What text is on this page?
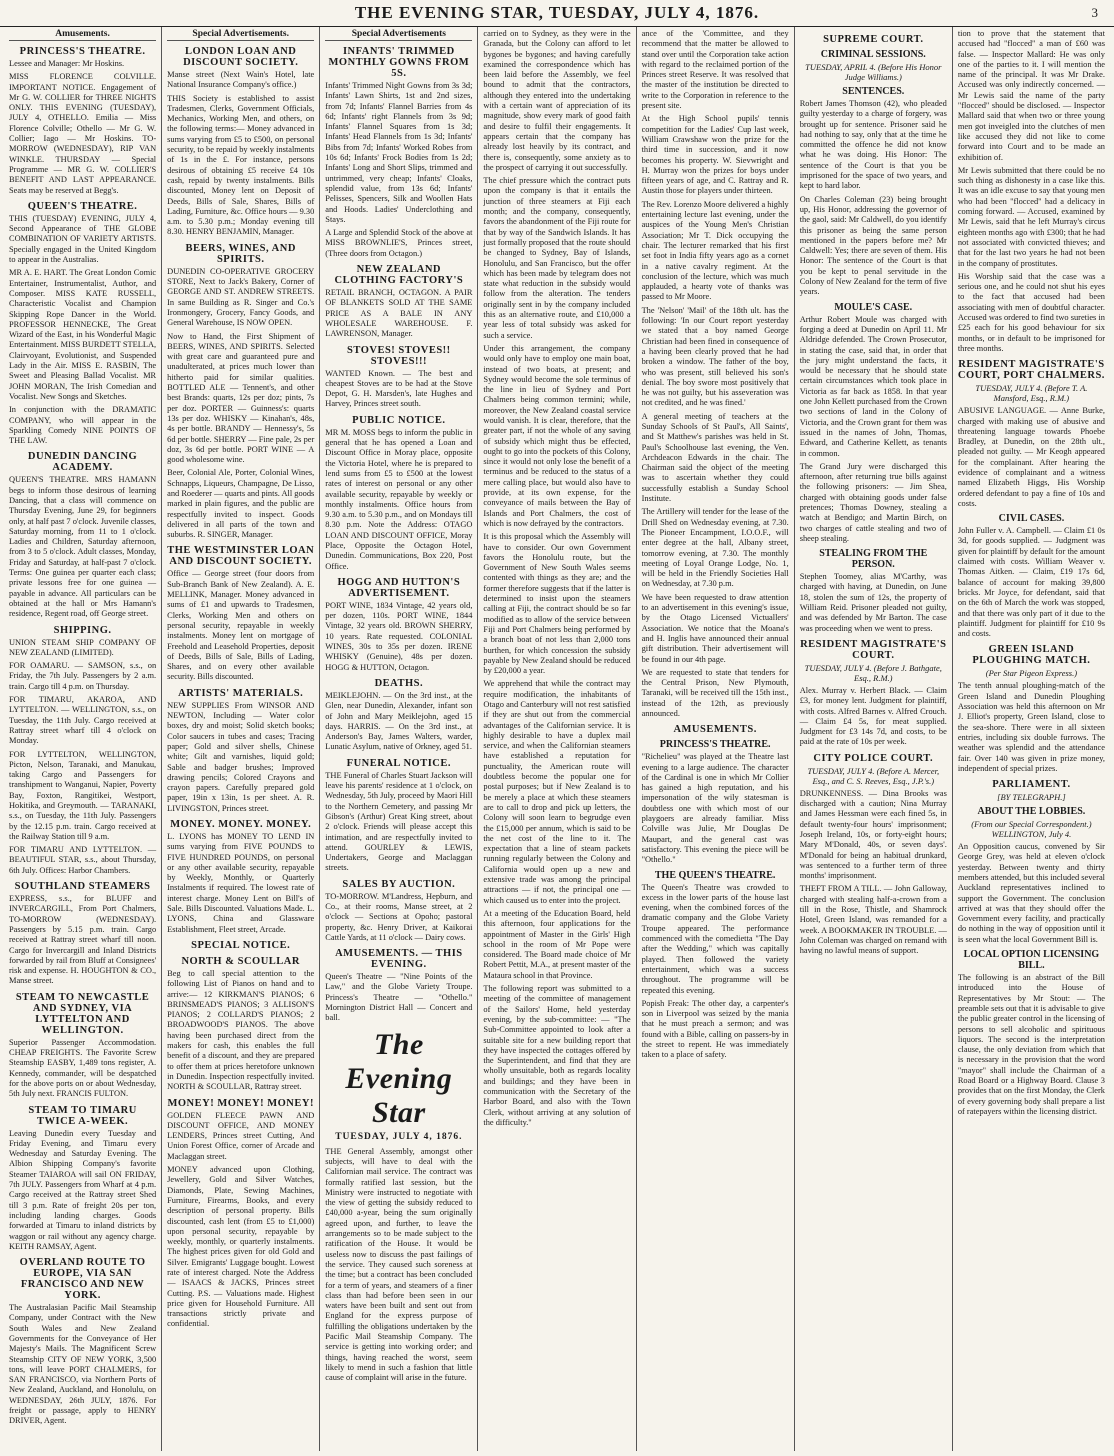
THE EVENING STAR, TUESDAY, JULY 4, 1876.	3
Amusements.
PRINCESS'S THEATRE.

Lessee and Manager: Mr Hoskins.

MISS FLORENCE COLVILLE. IMPORTANT NOTICE. Engagement of Mr G. W. COLLIER for THREE NIGHTS ONLY. THIS EVENING (TUESDAY), JULY 4, OTHELLO. Emilia — Miss Florence Colville; Othello — Mr G. W. Collier; Iago — Mr Hoskins. TO-MORROW (WEDNESDAY), RIP VAN WINKLE. THURSDAY — Special Programme — MR G. W. COLLIER'S BENEFIT AND LAST APPEARANCE. Seats may be reserved at Begg's.

QUEEN'S THEATRE.

THIS (TUESDAY) EVENING, JULY 4, Second Appearance of THE GLOBE COMBINATION OF VARIETY ARTISTS. Specially engaged in the United Kingdom to appear in the Australias.

MR A. E. HART. The Great London Comic Entertainer, Instrumentalist, Author, and Composer. MISS KATE RUSSELL, Characteristic Vocalist and Champion Skipping Rope Dancer in the World. PROFESSOR HENNECKE, The Great Wizard of the East, in his Wonderful Magic Entertainment. MISS BURDETT STELLA, Clairvoyant, Evolutionist, and Suspended Lady in the Air. MISS E. RASBIN, The Sweet and Pleasing Ballad Vocalist. MR JOHN MORAN, The Irish Comedian and Vocalist. New Songs and Sketches.

In conjunction with the DRAMATIC COMPANY, who will appear in the Sparkling Comedy NINE POINTS OF THE LAW.

DUNEDIN DANCING ACADEMY.

QUEEN'S THEATRE. MRS HAMANN begs to inform those desirous of learning Dancing, that a class will commence on Thursday Evening, June 29, for beginners only, at half past 7 o'clock. Juvenile classes, Saturday morning, from 11 to 1 o'clock. Ladies and Children, Saturday afternoon, from 3 to 5 o'clock. Adult classes, Monday, Friday and Saturday, at half-past 7 o'clock. Terms: One guinea per quarter each class; private lessons free for one guinea — payable in advance. All particulars can be obtained at the hall or Mrs Hamann's residence, Regent road, off George street.

SHIPPING.

UNION STEAM SHIP COMPANY OF NEW ZEALAND (LIMITED).

FOR OAMARU. — SAMSON, s.s., on Friday, the 7th July. Passengers by 2 a.m. train. Cargo till 4 p.m. on Thursday.

FOR TIMARU, AKAROA, AND LYTTELTON. — WELLINGTON, s.s., on Tuesday, the 11th July. Cargo received at Rattray street wharf till 4 o'clock on Monday.

FOR LYTTELTON, WELLINGTON, Picton, Nelson, Taranaki, and Manukau, taking Cargo and Passengers for transhipment to Wanganui, Napier, Poverty Bay, Foxton, Rangitikei, Westport, Hokitika, and Greymouth. — TARANAKI, s.s., on Tuesday, the 11th July. Passengers by the 12.15 p.m. train. Cargo received at the Railway Station till 9 a.m.

FOR TIMARU AND LYTTELTON. — BEAUTIFUL STAR, s.s., about Thursday, 6th July. Offices: Harbor Chambers.

SOUTHLAND STEAMERS

EXPRESS, s.s., for BLUFF and INVERCARGILL, From Port Chalmers, TO-MORROW (WEDNESDAY). Passengers by 5.15 p.m. train. Cargo received at Rattray street wharf till noon. Cargo for Invercargill and Inland Districts forwarded by rail from Bluff at Consignees' risk and expense. H. HOUGHTON & CO., Manse street.

STEAM TO NEWCASTLE AND SYDNEY, VIA LYTTELTON AND WELLINGTON.

Superior Passenger Accommodation. CHEAP FREIGHTS. The Favorite Screw Steamship EASBY, 1,489 tons register, A. Kennedy, commander, will be despatched for the above ports on or about Wednesday, 5th July next. FRANCIS FULTON.

STEAM TO TIMARU TWICE A-WEEK.

Leaving Dunedin every Tuesday and Friday Evening, and Timaru every Wednesday and Saturday Evening. The Albion Shipping Company's favorite Steamer TAIAROA will sail ON FRIDAY, 7th JULY. Passengers from Wharf at 4 p.m. Cargo received at the Rattray street Shed till 3 p.m. Rate of freight 20s per ton, including landing charges. Goods forwarded at Timaru to inland districts by waggon or rail without any agency charge. KEITH RAMSAY, Agent.

OVERLAND ROUTE TO EUROPE, VIA SAN FRANCISCO AND NEW YORK.

The Australasian Pacific Mail Steamship Company, under Contract with the New South Wales and New Zealand Governments for the Conveyance of Her Majesty's Mails. The Magnificent Screw Steamship CITY OF NEW YORK, 3,500 tons, will leave PORT CHALMERS, for SAN FRANCISCO, via Northern Ports of New Zealand, Auckland, and Honolulu, on WEDNESDAY, 26th JULY, 1876. For freight or passage, apply to HENRY DRIVER, Agent.

Special Advertisements.
LONDON LOAN AND DISCOUNT SOCIETY.

Manse street (Next Wain's Hotel, late National Insurance Company's office.)

THIS Society is established to assist Tradesmen, Clerks, Government Officials, Mechanics, Working Men, and others, on the following terms:— Money advanced in sums varying from £5 to £500, on personal security, to be repaid by weekly instalments of 1s in the £. For instance, persons desirous of obtaining £5 receive £4 10s cash, repaid by twenty instalments. Bills discounted, Money lent on Deposit of Deeds, Bills of Sale, Shares, Bills of Lading, Furniture, &c. Office hours — 9.30 a.m. to 5.30 p.m.; Monday evening till 8.30. HENRY BENJAMIN, Manager.

BEERS, WINES, AND SPIRITS.

DUNEDIN CO-OPERATIVE GROCERY STORE, Next to Jack's Bakery, Corner of GEORGE AND ST. ANDREW STREETS. In same Building as R. Singer and Co.'s Ironmongery, Grocery, Fancy Goods, and General Warehouse, IS NOW OPEN.

Now to Hand, the First Shipment of BEERS, WINES, AND SPIRITS. Selected with great care and guaranteed pure and unadulterated, at prices much lower than hitherto paid for similar qualities. BOTTLED ALE — Tennent's, and other best Brands: quarts, 12s per doz; pints, 7s per doz. PORTER — Guinness's: quarts 13s per doz. WHISKY — Kinahan's, 48s, 4s per bottle. BRANDY — Hennessy's, 5s 6d per bottle. SHERRY — Fine pale, 2s per doz, 3s 6d per bottle. PORT WINE — A good wholesome wine.

Beer, Colonial Ale, Porter, Colonial Wines, Schnapps, Liqueurs, Champagne, De Lisso, and Roederer — quarts and pints. All goods marked in plain figures, and the public are respectfully invited to inspect. Goods delivered in all parts of the town and suburbs. R. SINGER, Manager.

THE WESTMINSTER LOAN AND DISCOUNT SOCIETY.

Office — George street (four doors from Sub-Branch Bank of New Zealand). A. E. MELLINK, Manager. Money advanced in sums of £1 and upwards to Tradesmen, Clerks, Working Men and others on personal security, repayable in weekly instalments. Money lent on mortgage of Freehold and Leasehold Properties, deposit of Deeds, Bills of Sale, Bills of Lading, Shares, and on every other available security. Bills discounted.

ARTISTS' MATERIALS.

NEW SUPPLIES From WINSOR AND NEWTON, Including — Water color boxes, dry and moist; Solid sketch books; Color saucers in tubes and cases; Tracing paper; Gold and silver shells, Chinese white; Gilt and varnishes, liquid gold; Sable and badger brushes; Improved drawing pencils; Colored Crayons and crayon papers. Carefully prepared gold paper, 19in x 13in, 1s per sheet. A. R. LIVINGSTON, Princes street.

MONEY. MONEY. MONEY.

L. LYONS has MONEY TO LEND IN sums varying from FIVE POUNDS to FIVE HUNDRED POUNDS, on personal or any other available security, repayable by Weekly, Monthly, or Quarterly Instalments if required. The lowest rate of interest charge. Money Lent on Bill's of Sale. Bills Discounted. Valuations Made. L. LYONS, China and Glassware Establishment, Fleet street, Arcade.

SPECIAL NOTICE.
NORTH & SCOULLAR

Beg to call special attention to the following List of Pianos on hand and to arrive:— 12 KIRKMAN'S PIANOS; 6 BRINSMEAD'S PIANOS; 3 ALLISON'S PIANOS; 2 COLLARD'S PIANOS; 2 BROADWOOD'S PIANOS. The above having been purchased direct from the makers for cash, this enables the full benefit of a discount, and they are prepared to offer them at prices heretofore unknown in Dunedin. Inspection respectfully invited. NORTH & SCOULLAR, Rattray street.

MONEY! MONEY! MONEY!

GOLDEN FLEECE PAWN AND DISCOUNT OFFICE, AND MONEY LENDERS, Princes street Cutting, And Union Forest Office, corner of Arcade and Maclaggan street.

MONEY advanced upon Clothing, Jewellery, Gold and Silver Watches, Diamonds, Plate, Sewing Machines, Furniture, Firearms, Books, and every description of personal property. Bills discounted, cash lent (from £5 to £1,000) upon personal security, repayable by weekly, monthly, or quarterly instalments. The highest prices given for old Gold and Silver. Emigrants' Luggage bought. Lowest rate of interest charged. Note the Address — ISAACS & JACKS, Princes street Cutting. P.S. — Valuations made. Highest price given for Household Furniture. All transactions strictly private and confidential.

Special Advertisements
INFANTS' TRIMMED MONTHLY GOWNS FROM 5S.

Infants' Trimmed Night Gowns from 3s 3d; Infants' Lawn Shirts, 1st and 2nd sizes, from 7d; Infants' Flannel Barries from 4s 6d; Infants' right Flannels from 3s 9d; Infants' Flannel Squares from 1s 3d; Infants' Head Flannels from 1s 3d; Infants' Bibs from 7d; Infants' Worked Robes from 10s 6d; Infants' Frock Bodies from 1s 2d; Infants' Long and Short Slips, trimmed and untrimmed, very cheap; Infants' Cloaks, splendid value, from 13s 6d; Infants' Pelisses, Spencers, Silk and Woollen Hats and Hoods. Ladies' Underclothing and Stays.

A Large and Splendid Stock of the above at MISS BROWNLIE'S, Princes street, (Three doors from Octagon.)

NEW ZEALAND CLOTHING FACTORY'S

RETAIL BRANCH, OCTAGON. A PAIR OF BLANKETS SOLD AT THE SAME PRICE AS A BALE IN ANY WHOLESALE WAREHOUSE. F. LAWRENSON, Manager.

STOVES! STOVES!! STOVES!!!

WANTED Known. — The best and cheapest Stoves are to be had at the Stove Depot, G. H. Marsden's, late Hughes and Harvey, Princes street south.

PUBLIC NOTICE.

MR M. MOSS begs to inform the public in general that he has opened a Loan and Discount Office in Moray place, opposite the Victoria Hotel, where he is prepared to lend sums from £5 to £500 at the lowest rates of interest on personal or any other available security, repayable by weekly or monthly instalments. Office hours from 9.30 a.m. to 5.30 p.m., and on Mondays till 8.30 p.m. Note the Address: OTAGO LOAN AND DISCOUNT OFFICE, Moray Place, Opposite the Octagon Hotel, Dunedin. Communications, Box 220, Post Office.

HOGG AND HUTTON'S ADVERTISEMENT.

PORT WINE, 1834 Vintage, 42 years old, per dozen, 110s. PORT WINE, 1844 Vintage, 32 years old. BROWN SHERRY, 10 years. Rate requested. COLONIAL WINES, 30s to 35s per dozen. IRENE WHISKY (Genuine), 48s per dozen. HOGG & HUTTON, Octagon.

DEATHS.

MEIKLEJOHN. — On the 3rd inst., at the Glen, near Dunedin, Alexander, infant son of John and Mary Meiklejohn, aged 15 days. HARRIS. — On the 3rd inst., at Anderson's Bay, James Walters, warder, Lunatic Asylum, native of Orkney, aged 51.

FUNERAL NOTICE.

THE Funeral of Charles Stuart Jackson will leave his parents' residence at 1 o'clock, on Wednesday, 5th July, proceed by Maori Hill to the Northern Cemetery, and passing Mr Gibson's (Arthur) Great King street, about 2 o'clock. Friends will please accept this intimation, and are respectfully invited to attend. GOURLEY & LEWIS, Undertakers, George and Maclaggan streets.

SALES BY AUCTION.

TO-MORROW. M'Landress, Hepburn, and Co., at their rooms, Manse street, at 2 o'clock — Sections at Opoho; pastoral property, &c. Henry Driver, at Kaikorai Cattle Yards, at 11 o'clock — Dairy cows.

AMUSEMENTS. — THIS EVENING.

Queen's Theatre — "Nine Points of the Law," and the Globe Variety Troupe. Princess's Theatre — "Othello." Mornington District Hall — Concert and ball.

The Evening Star
TUESDAY, JULY 4, 1876.

THE General Assembly, amongst other subjects, will have to deal with the Californian mail service. The contract was formally ratified last session, but the Ministry were instructed to negotiate with the view of getting the subsidy reduced to £40,000 a-year, being the sum originally agreed upon, and further, to leave the arrangements so to be made subject to the ratification of the House. It would be useless now to discuss the past failings of the service. They caused such soreness at the time; but a contract has been concluded for a term of years, and steamers of a finer class than had before been seen in our waters have been built and sent out from England for the express purpose of fulfilling the obligations undertaken by the Pacific Mail Steamship Company. The service is getting into working order; and things, having reached the worst, seem likely to mend in such a fashion that little cause of complaint will arise in the future.

carried on to Sydney, as they were in the Granada, but the Colony can afford to let bygones be bygones; and having carefully examined the correspondence which has been laid before the Assembly, we feel bound to admit that the contractors, although they entered into the undertaking with a certain want of appreciation of its magnitude, show every mark of good faith and desire to fulfil their engagements. It appears certain that the company has already lost heavily by its contract, and there is, consequently, some anxiety as to the prospect of carrying it out successfully.

The chief pressure which the contract puts upon the company is that it entails the junction of three steamers at Fiji each month; and the company, consequently, favors the abandonment of the Fiji route for that by way of the Sandwich Islands. It has just formally proposed that the route should be changed to Sydney, Bay of Islands, Honolulu, and San Francisco, but the offer which has been made by telegram does not state what reduction in the subsidy would follow from the alteration. The tenders originally sent in by the company included this as an alternative route, and £10,000 a year less of total subsidy was asked for such a service.

Under this arrangement, the company would only have to employ one main boat, instead of two boats, at present; and Sydney would become the sole terminus of the line in lieu of Sydney and Port Chalmers being common termini; while, moreover, the New Zealand coastal service would vanish. It is clear, therefore, that the greater part, if not the whole of any saving of subsidy which might thus be effected, ought to go into the pockets of this Colony, since it would not only lose the benefit of a terminus and be reduced to the status of a mere calling place, but would also have to provide, at its own expense, for the conveyance of mails between the Bay of Islands and Port Chalmers, the cost of which is now defrayed by the contractors.

It is this proposal which the Assembly will have to consider. Our own Government favors the Honolulu route, but the Government of New South Wales seems contented with things as they are; and the former therefore suggests that if the latter is determined to insist upon the steamers calling at Fiji, the contract should be so far modified as to allow of the service between Fiji and Port Chalmers being performed by a branch boat of not less than 2,000 tons burthen, for which concession the subsidy payable by New Zealand should be reduced by £20,000 a year.

We apprehend that while the contract may require modification, the inhabitants of Otago and Canterbury will not rest satisfied if they are shut out from the commercial advantages of the Californian service. It is highly desirable to have a duplex mail service, and when the Californian steamers have established a reputation for punctuality, the American route will doubtless become the popular one for postal purposes; but if New Zealand is to be merely a place at which these steamers are to call to drop and pick up letters, the Colony will soon learn to begrudge even the £15,000 per annum, which is said to be the net cost of the line to it. The expectation that a line of steam packets running regularly between the Colony and California would open up a new and extensive trade was among the principal attractions — if not, the principal one — which caused us to enter into the project.

At a meeting of the Education Board, held this afternoon, four applications for the appointment of Master in the Girls' High school in the room of Mr Pope were considered. The Board made choice of Mr Robert Pettit, M.A., at present master of the Mataura school in that Province.

The following report was submitted to a meeting of the committee of management of the Sailors' Home, held yesterday evening, by the sub-committee: — "The Sub-Committee appointed to look after a suitable site for a new building report that they have inspected the cottages offered by the Superintendent, and find that they are wholly unsuitable, both as regards locality and buildings; and they have been in communication with the Secretary of the Harbor Board, and also with the Town Clerk, without arriving at any solution of the difficulty."

ance of the 'Committee, and they recommend that the matter be allowed to stand over until the Corporation take action with regard to the reclaimed portion of the Princes street Reserve. It was resolved that the master of the institution be directed to write to the Corporation in reference to the present site.

At the High School pupils' tennis competition for the Ladies' Cup last week, William Crawshaw won the prize for the third time in succession, and it now becomes his property. W. Sievwright and H. Murray won the prizes for boys under fifteen years of age, and C. Rattray and R. Austin those for players under thirteen.

The Rev. Lorenzo Moore delivered a highly entertaining lecture last evening, under the auspices of the Young Men's Christian Association; Mr T. Dick occupying the chair. The lecturer remarked that his first set foot in India fifty years ago as a cornet in a native cavalry regiment. At the conclusion of the lecture, which was much applauded, a hearty vote of thanks was passed to Mr Moore.

The 'Nelson' 'Mail' of the 18th ult. has the following: 'In our Court report yesterday we stated that a boy named George Christian had been fined in consequence of a having been clearly proved that he had broken a window. The father of the boy, who was present, still believed his son's denial. The boy swore most positively that he was not guilty, but his asseveration was not credited, and he was fined.'

A general meeting of teachers at the Sunday Schools of St Paul's, All Saints', and St Matthew's parishes was held in St. Paul's Schoolhouse last evening, the Ven. Archdeacon Edwards in the chair. The Chairman said the object of the meeting was to ascertain whether they could successfully establish a Sunday School Institute.

The Artillery will tender for the lease of the Drill Shed on Wednesday evening, at 7.30. The Pioneer Encampment, I.O.O.F., will enter degree at the hall, Albany street, tomorrow evening, at 7.30. The monthly meeting of Loyal Orange Lodge, No. 1, will be held in the Friendly Societies Hall on Wednesday, at 7.30 p.m.

We have been requested to draw attention to an advertisement in this evening's issue, by the Otago Licensed Victuallers' Association. We notice that the Moana's and H. Inglis have announced their annual gift distribution. Their advertisement will be found in our 4th page.

We are requested to state that tenders for the Central Prison, New Plymouth, Taranaki, will be received till the 15th inst., instead of the 12th, as previously announced.

AMUSEMENTS.
PRINCESS'S THEATRE.

"Richelieu" was played at the Theatre last evening to a large audience. The character of the Cardinal is one in which Mr Collier has gained a high reputation, and his impersonation of the wily statesman is doubtless one with which most of our playgoers are already familiar. Miss Colville was Julie, Mr Douglas De Maupart, and the general cast was satisfactory. This evening the piece will be "Othello."

THE QUEEN'S THEATRE.

The Queen's Theatre was crowded to excess in the lower parts of the house last evening, when the combined forces of the dramatic company and the Globe Variety Troupe appeared. The performance commenced with the comedietta "The Day after the Wedding," which was capitally played. Then followed the variety entertainment, which was a success throughout. The programme will be repeated this evening.

Popish Freak: The other day, a carpenter's son in Liverpool was seized by the mania that he must preach a sermon; and was found with a Bible, calling on passers-by in the street to repent. He was immediately taken to a place of safety.

SUPREME COURT.
CRIMINAL SESSIONS.
TUESDAY, APRIL 4. (Before His Honor Judge Williams.)
SENTENCES.

Robert James Thomson (42), who pleaded guilty yesterday to a charge of forgery, was brought up for sentence. Prisoner said he had nothing to say, only that at the time he committed the offence he did not know what he was doing. His Honor: The sentence of the Court is that you be imprisoned for the space of two years, and kept to hard labor.

On Charles Coleman (23) being brought up, His Honor, addressing the governor of the gaol, said: Mr Caldwell, do you identify this prisoner as being the same person mentioned in the papers before me? Mr Caldwell: Yes; there are seven of them. His Honor: The sentence of the Court is that you be kept to penal servitude in the Colony of New Zealand for the term of five years.

MOULE'S CASE.

Arthur Robert Moule was charged with forging a deed at Dunedin on April 11. Mr Aldridge defended. The Crown Prosecutor, in stating the case, said that, in order that the jury might understand the facts, it would be necessary that he should state certain circumstances which took place in Victoria as far back as 1858. In that year one John Kellett purchased from the Crown two sections of land in the Colony of Victoria, and the Crown grant for them was issued in the names of John, Thomas, Edward, and Catherine Kellett, as tenants in common.

The Grand Jury were discharged this afternoon, after returning true bills against the following prisoners: — Jim Shea, charged with obtaining goods under false pretences; Thomas Downey, stealing a watch at Bendigo; and Martin Birch, on two charges of cattle stealing and two of sheep stealing.

STEALING FROM THE PERSON.

Stephen Toomey, alias M'Carthy, was charged with having, at Dunedin, on June 18, stolen the sum of 12s, the property of William Reid. Prisoner pleaded not guilty, and was defended by Mr Barton. The case was proceeding when we went to press.

RESIDENT MAGISTRATE'S COURT.
TUESDAY, JULY 4. (Before J. Bathgate, Esq., R.M.)

Alex. Murray v. Herbert Black. — Claim £3, for money lent. Judgment for plaintiff, with costs. Alfred Barnes v. Alfred Crouch. — Claim £4 5s, for meat supplied. Judgment for £3 14s 7d, and costs, to be paid at the rate of 10s per week.

CITY POLICE COURT.
TUESDAY, JULY 4. (Before A. Mercer, Esq., and C. S. Reeves, Esq., J.P.'s.)

DRUNKENNESS. — Dina Brooks was discharged with a caution; Nina Murray and James Hessman were each fined 5s, in default twenty-four hours' imprisonment; Joseph Ireland, 10s, or forty-eight hours; Mary M'Donald, 40s, or seven days'. M'Donald for being an habitual drunkard, was sentenced to a further term of three months' imprisonment.

THEFT FROM A TILL. — John Galloway, charged with stealing half-a-crown from a till in the Rose, Thistle, and Shamrock Hotel, Green Island, was remanded for a week. A BOOKMAKER IN TROUBLE. — John Coleman was charged on remand with having no lawful means of support.

tion to prove that the statement that accused had "flocced" a man of £60 was false. — Inspector Mallard: He was only one of the parties to it. I will mention the name of the principal. It was Mr Drake. Accused was only indirectly concerned. — Mr Lewis said the name of the party "flocced" should be disclosed. — Inspector Mallard said that when two or three young men got inveigled into the clutches of men like accused they did not like to come forward into Court and to be made an exhibition of.

Mr Lewis submitted that there could be no such thing as dishonesty in a case like this. It was an idle excuse to say that young men who had been "flocced" had a delicacy in coming forward. — Accused, examined by Mr Lewis, said that he left Murray's circus eighteen months ago with £300; that he had not associated with convicted thieves; and that for the last two years he had not been in the company of prostitutes.

His Worship said that the case was a serious one, and he could not shut his eyes to the fact that accused had been associating with men of doubtful character. Accused was ordered to find two sureties in £25 each for his good behaviour for six months, or in default to be imprisoned for three months.

RESIDENT MAGISTRATE'S COURT, PORT CHALMERS.
TUESDAY, JULY 4. (Before T. A. Mansford, Esq., R.M.)

ABUSIVE LANGUAGE. — Anne Burke, charged with making use of abusive and threatening language towards Phoebe Bradley, at Dunedin, on the 28th ult., pleaded not guilty. — Mr Keogh appeared for the complainant. After hearing the evidence of complainant and a witness named Elizabeth Higgs, His Worship ordered defendant to pay a fine of 10s and costs.

CIVIL CASES.

John Fuller v. A. Campbell. — Claim £1 0s 3d, for goods supplied. — Judgment was given for plaintiff by default for the amount claimed with costs. William Weaver v. Thomas Aitken. — Claim, £19 17s 6d, balance of account for making 39,800 bricks. Mr Joyce, for defendant, said that on the 6th of March the work was stopped, and that there was only part of it due to the plaintiff. Judgment for plaintiff for £10 9s and costs.

GREEN ISLAND PLOUGHING MATCH.
(Per Star Pigeon Express.)

The tenth annual ploughing-match of the Green Island and Dunedin Ploughing Association was held this afternoon on Mr J. Elliot's property, Green Island, close to the sea-shore. There were in all sixteen entries, including six double furrows. The weather was splendid and the attendance fair. Over 140 was given in prize money, independent of special prizes.

PARLIAMENT.
[BY TELEGRAPH.]
ABOUT THE LOBBIES.
(From our Special Correspondent.) WELLINGTON, July 4.

An Opposition caucus, convened by Sir George Grey, was held at eleven o'clock yesterday. Between twenty and thirty members attended, but this included several Auckland representatives inclined to support the Government. The conclusion arrived at was that they should offer the Government every facility, and practically do nothing in the way of opposition until it is seen what the local Government Bill is.

LOCAL OPTION LICENSING BILL.

The following is an abstract of the Bill introduced into the House of Representatives by Mr Stout: — The preamble sets out that it is advisable to give the public greater control in the licensing of persons to sell alcoholic and spirituous liquors. The second is the interpretation clause, the only deviation from which that is necessary in the provision that the word "mayor" shall include the Chairman of a Road Board or a Highway Board. Clause 3 provides that on the first Monday, the Clerk of every governing body shall prepare a list of ratepayers within the licensing district.
